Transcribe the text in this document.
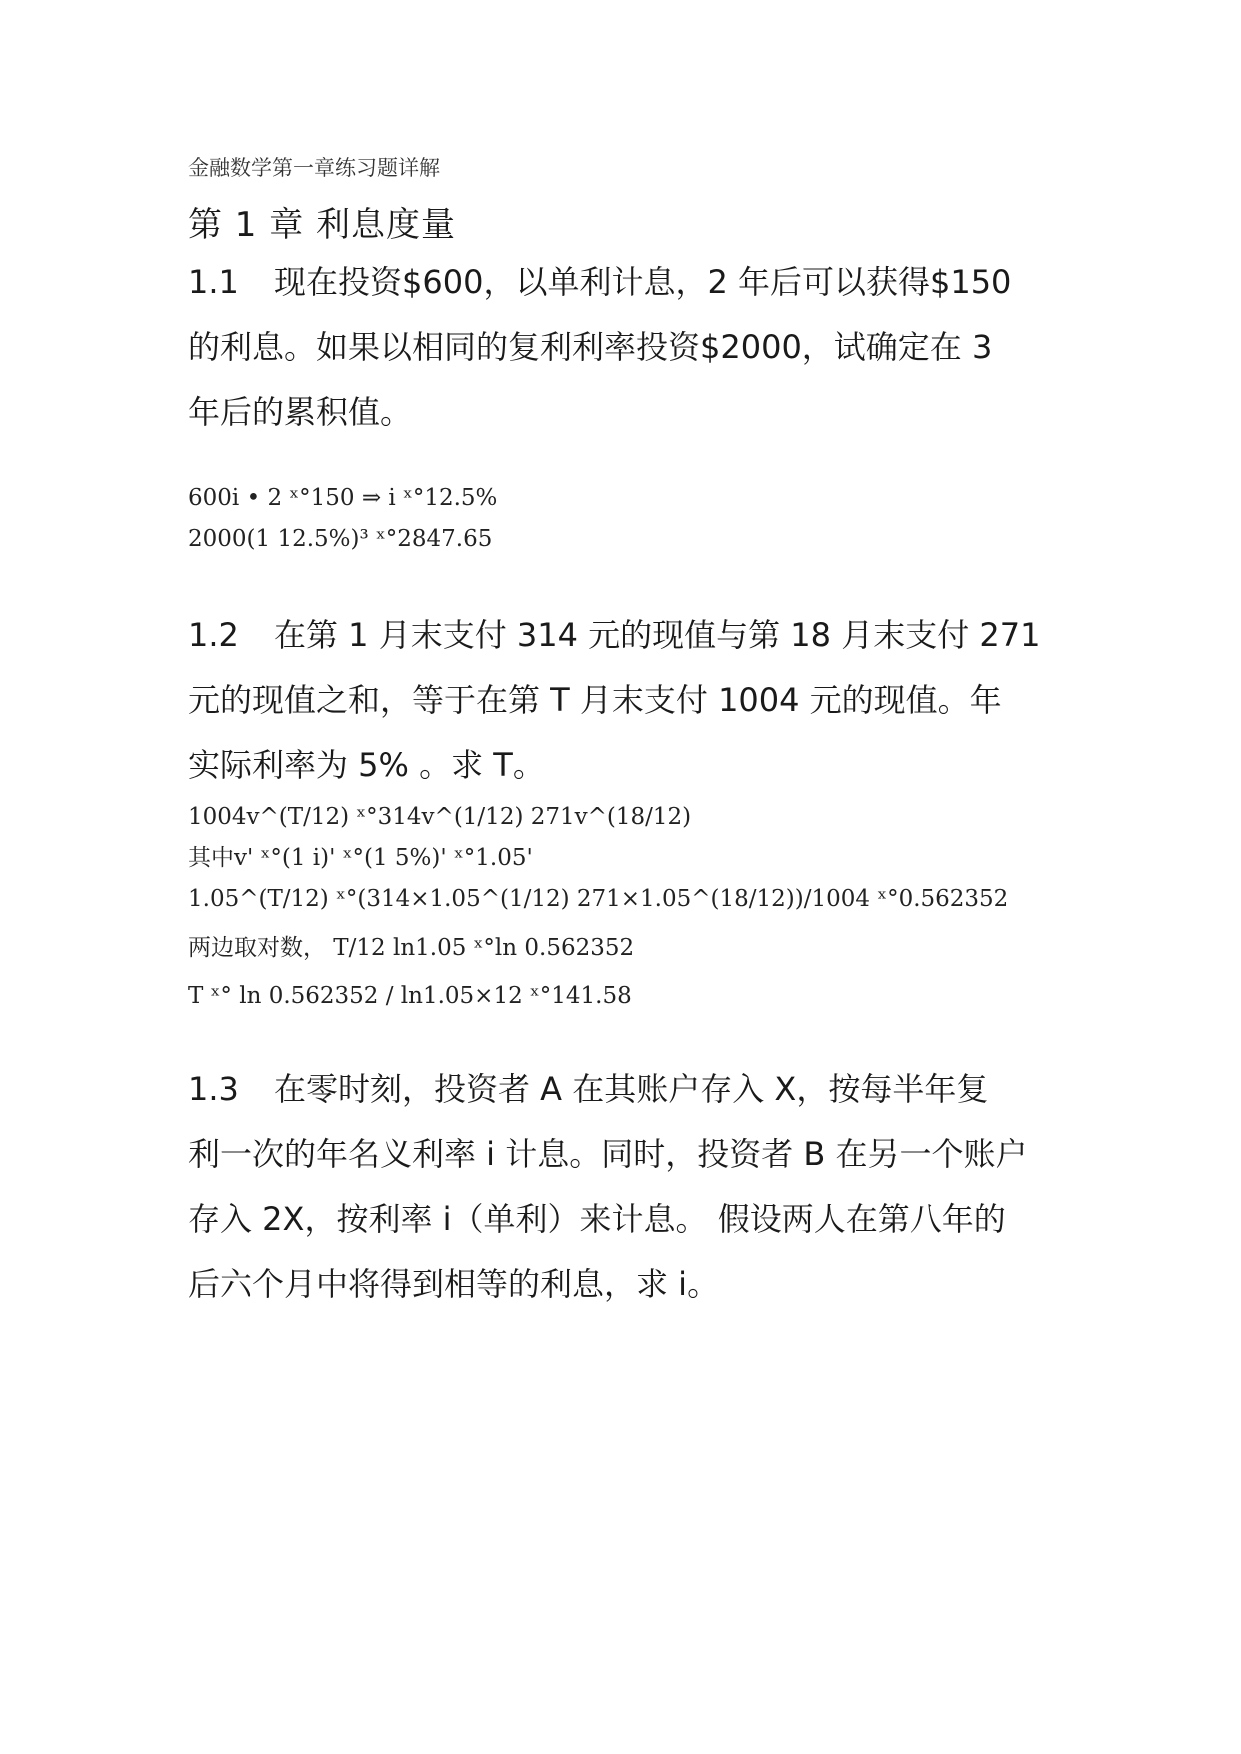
金融数学第一章练习题详解
第 1 章 利息度量
1.1 现在投资$600，以单利计息，2 年后可以获得$150
的利息。如果以相同的复利利率投资$2000，试确定在 3
年后的累积值。
600i • 2 ˣ°150 ⇒ i ˣ°12.5%
2000(1 12.5%)³ ˣ°2847.65
1.2 在第 1 月末支付 314 元的现值与第 18 月末支付 271
元的现值之和，等于在第 T 月末支付 1004 元的现值。年
实际利率为 5% 。求 T。
1004v^(T/12) ˣ°314v^(1/12) 271v^(18/12)
其中v' ˣ°(1 i)' ˣ°(1 5%)' ˣ°1.05'
1.05^(T/12) ˣ°(314×1.05^(1/12) 271×1.05^(18/12))/1004 ˣ°0.562352
两边取对数， T/12 ln1.05 ˣ°ln 0.562352
T ˣ° ln 0.562352 / ln1.05×12 ˣ°141.58
1.3 在零时刻，投资者 A 在其账户存入 X，按每半年复
利一次的年名义利率 i 计息。同时，投资者 B 在另一个账户
存入 2X，按利率 i（单利）来计息。 假设两人在第八年的
后六个月中将得到相等的利息，求 i。
